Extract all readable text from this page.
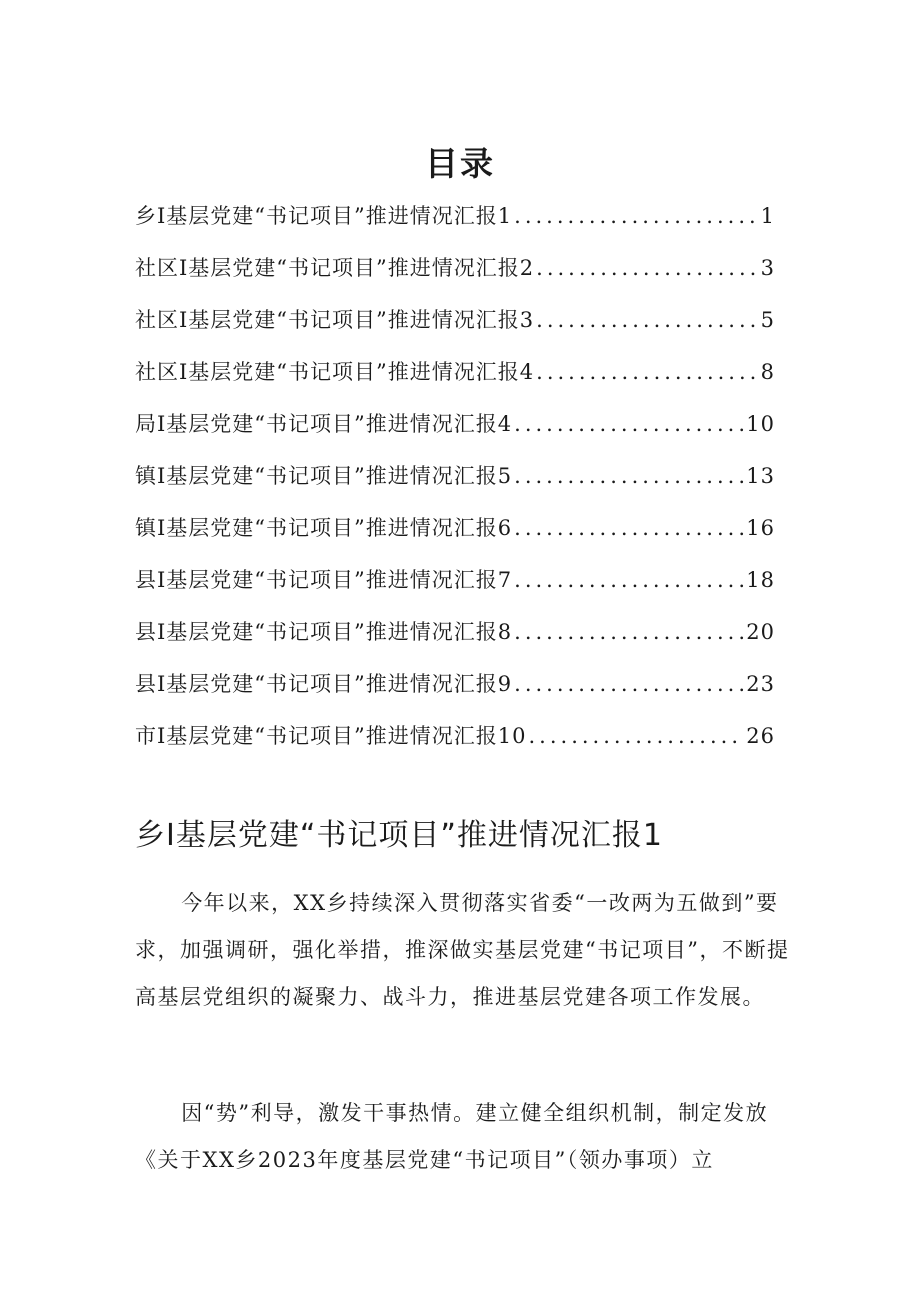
目录
乡Ⅰ基层党建“书记项目”推进情况汇报1 .....	1
社区Ⅰ基层党建“书记项目”推进情况汇报2 .....	3
社区Ⅰ基层党建“书记项目”推进情况汇报3 .....	5
社区Ⅰ基层党建“书记项目”推进情况汇报4 .....	8
局Ⅰ基层党建“书记项目”推进情况汇报4 .....	10
镇Ⅰ基层党建“书记项目”推进情况汇报5 .....	13
镇Ⅰ基层党建“书记项目”推进情况汇报6 .....	16
县Ⅰ基层党建“书记项目”推进情况汇报7 .....	18
县Ⅰ基层党建“书记项目”推进情况汇报8 .....	20
县Ⅰ基层党建“书记项目”推进情况汇报9 .....	23
市Ⅰ基层党建“书记项目”推进情况汇报10 .....	26
乡I基层党建“书记项目”推进情况汇报1

今年以来，XX乡持续深入贯彻落实省委“一改两为五做到”要求，加强调研，强化举措，推深做实基层党建“书记项目”，不断提高基层党组织的凝聚力、战斗力，推进基层党建各项工作发展。

因“势”利导，激发干事热情。建立健全组织机制，制定发放《关于XX乡2023年度基层党建“书记项目”（领办事项）立
